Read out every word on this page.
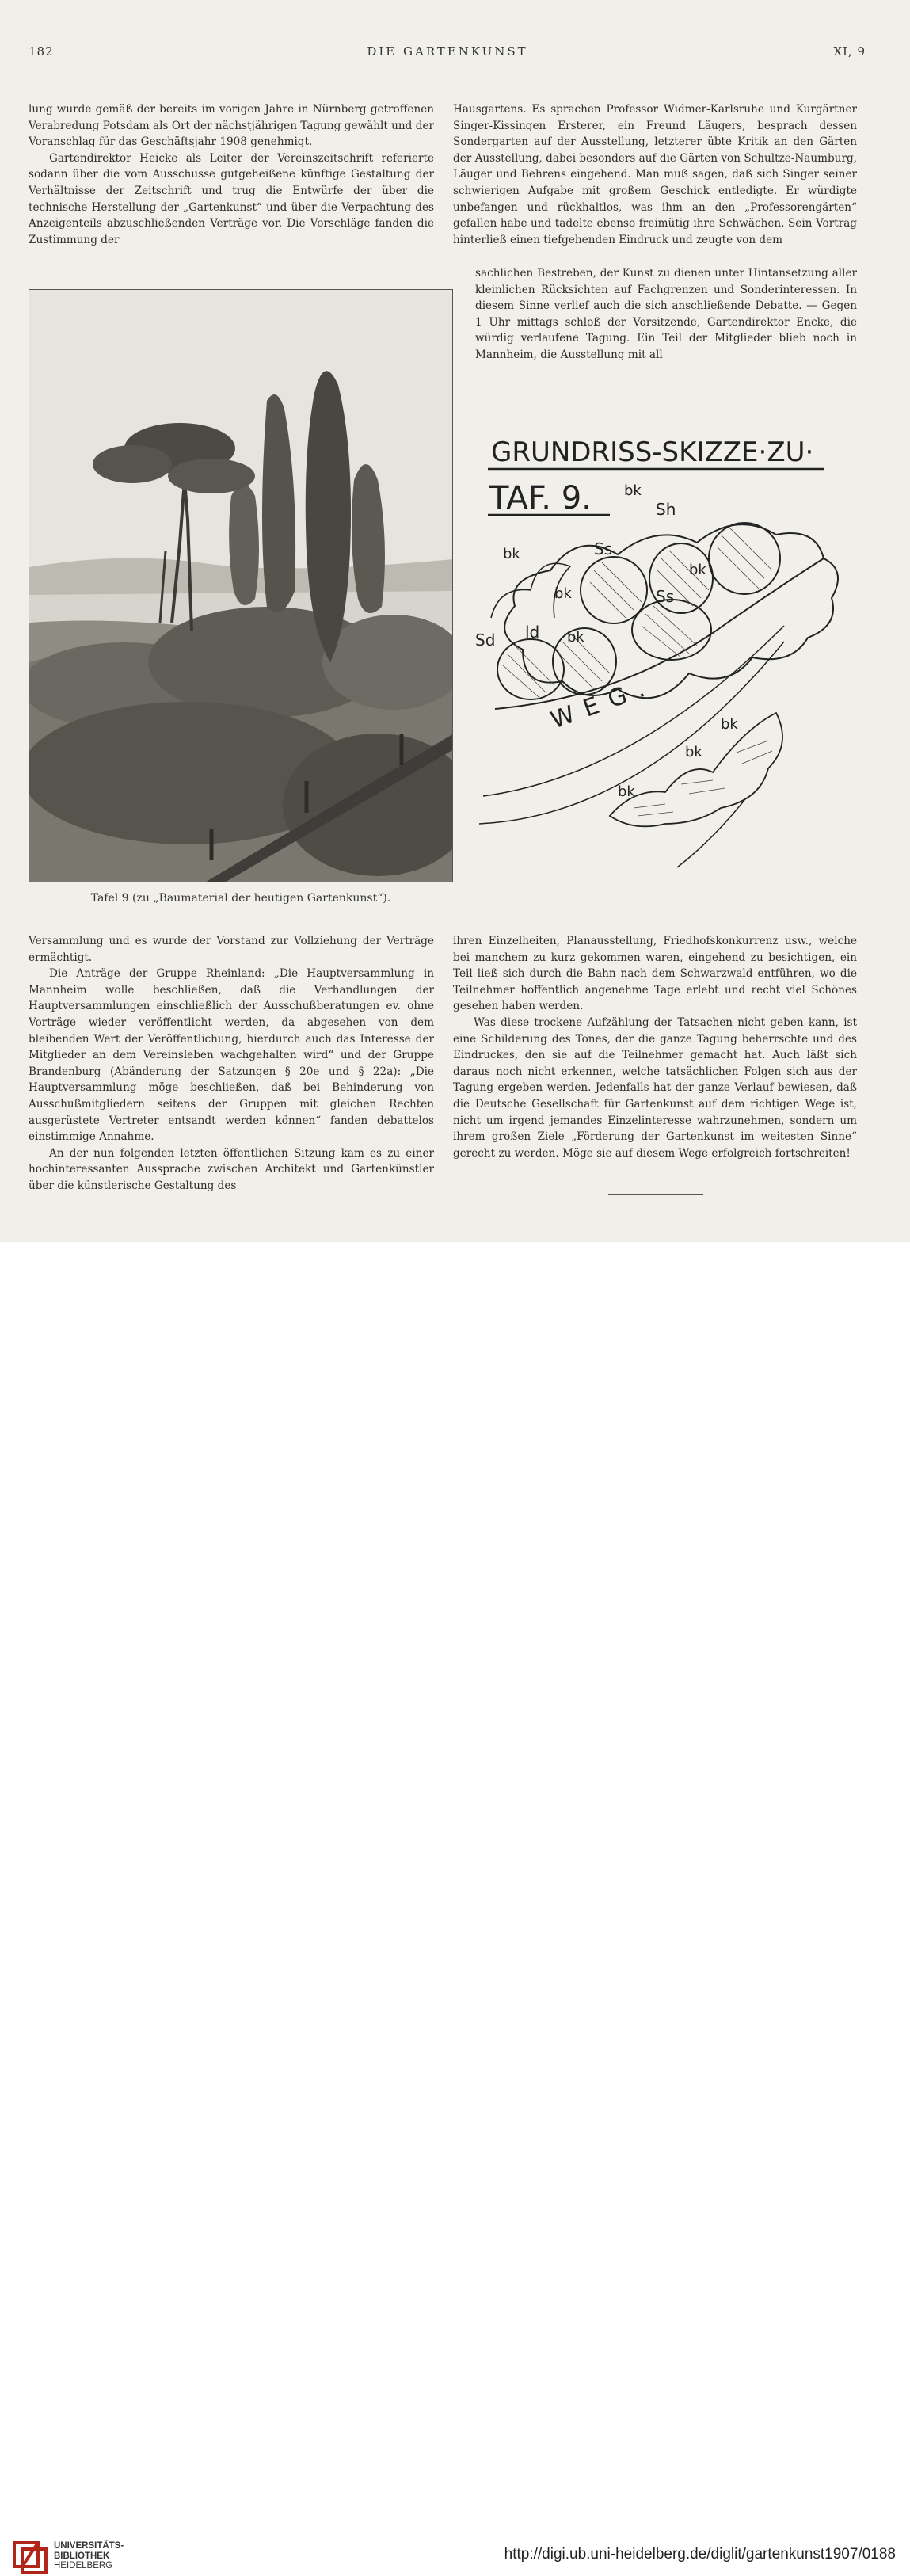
182	DIE GARTENKUNST	XI, 9

lung wurde gemäß der bereits im vorigen Jahre in Nürnberg getroffenen Verabredung Potsdam als Ort der nächstjährigen Tagung gewählt und der Voranschlag für das Geschäftsjahr 1908 genehmigt.

Gartendirektor Heicke als Leiter der Vereinszeitschrift referierte sodann über die vom Ausschusse gutgeheißene künftige Gestaltung der Verhältnisse der Zeitschrift und trug die Entwürfe der über die technische Herstellung der „Gartenkunst“ und über die Verpachtung des Anzeigenteils abzuschließenden Verträge vor. Die Vorschläge fanden die Zustimmung der

Hausgartens. Es sprachen Professor Widmer-Karlsruhe und Kurgärtner Singer-Kissingen Ersterer, ein Freund Läugers, besprach dessen Sondergarten auf der Ausstellung, letzterer übte Kritik an den Gärten der Ausstellung, dabei besonders auf die Gärten von Schultze-Naumburg, Läuger und Behrens eingehend. Man muß sagen, daß sich Singer seiner schwierigen Aufgabe mit großem Geschick entledigte. Er würdigte unbefangen und rückhaltlos, was ihm an den „Professorengärten“ gefallen habe und tadelte ebenso freimütig ihre Schwächen. Sein Vortrag hinterließ einen tiefgehenden Eindruck und zeugte von dem

sachlichen Bestreben, der Kunst zu dienen unter Hintansetzung aller kleinlichen Rücksichten auf Fachgrenzen und Sonderinteressen. In diesem Sinne verlief auch die sich anschließende Debatte. — Gegen 1 Uhr mittags schloß der Vorsitzende, Gartendirektor Encke, die würdig verlaufene Tagung. Ein Teil der Mitglieder blieb noch in Mannheim, die Ausstellung mit all

Tafel 9 (zu „Baumaterial der heutigen Gartenkunst“).
GRUNDRISS-SKIZZE·ZU·
TAF. 9.
WEG.
bk
bk
bk
bk
bk
bk
bk
bk
Ss
Ss
Sh
Sd ld

Versammlung und es wurde der Vorstand zur Vollziehung der Verträge ermächtigt.

Die Anträge der Gruppe Rheinland: „Die Hauptversammlung in Mannheim wolle beschließen, daß die Verhandlungen der Hauptversammlungen einschließlich der Ausschußberatungen ev. ohne Vorträge wieder veröffentlicht werden, da abgesehen von dem bleibenden Wert der Veröffentlichung, hierdurch auch das Interesse der Mitglieder an dem Vereinsleben wachgehalten wird“ und der Gruppe Brandenburg (Abänderung der Satzungen § 20e und § 22a): „Die Hauptversammlung möge beschließen, daß bei Behinderung von Ausschußmitgliedern seitens der Gruppen mit gleichen Rechten ausgerüstete Vertreter entsandt werden können“ fanden debattelos einstimmige Annahme.

An der nun folgenden letzten öffentlichen Sitzung kam es zu einer hochinteressanten Aussprache zwischen Architekt und Gartenkünstler über die künstlerische Gestaltung des

ihren Einzelheiten, Planausstellung, Friedhofskonkurrenz usw., welche bei manchem zu kurz gekommen waren, eingehend zu besichtigen, ein Teil ließ sich durch die Bahn nach dem Schwarzwald entführen, wo die Teilnehmer hoffentlich angenehme Tage erlebt und recht viel Schönes gesehen haben werden.

Was diese trockene Aufzählung der Tatsachen nicht geben kann, ist eine Schilderung des Tones, der die ganze Tagung beherrschte und des Eindruckes, den sie auf die Teilnehmer gemacht hat. Auch läßt sich daraus noch nicht erkennen, welche tatsächlichen Folgen sich aus der Tagung ergeben werden. Jedenfalls hat der ganze Verlauf bewiesen, daß die Deutsche Gesellschaft für Gartenkunst auf dem richtigen Wege ist, nicht um irgend jemandes Einzelinteresse wahrzunehmen, sondern um ihrem großen Ziele „Förderung der Gartenkunst im weitesten Sinne“ gerecht zu werden. Möge sie auf diesem Wege erfolgreich fortschreiten!

UNIVERSITÄTS-
BIBLIOTHEK
HEIDELBERG
http://digi.ub.uni-heidelberg.de/diglit/gartenkunst1907/0188
